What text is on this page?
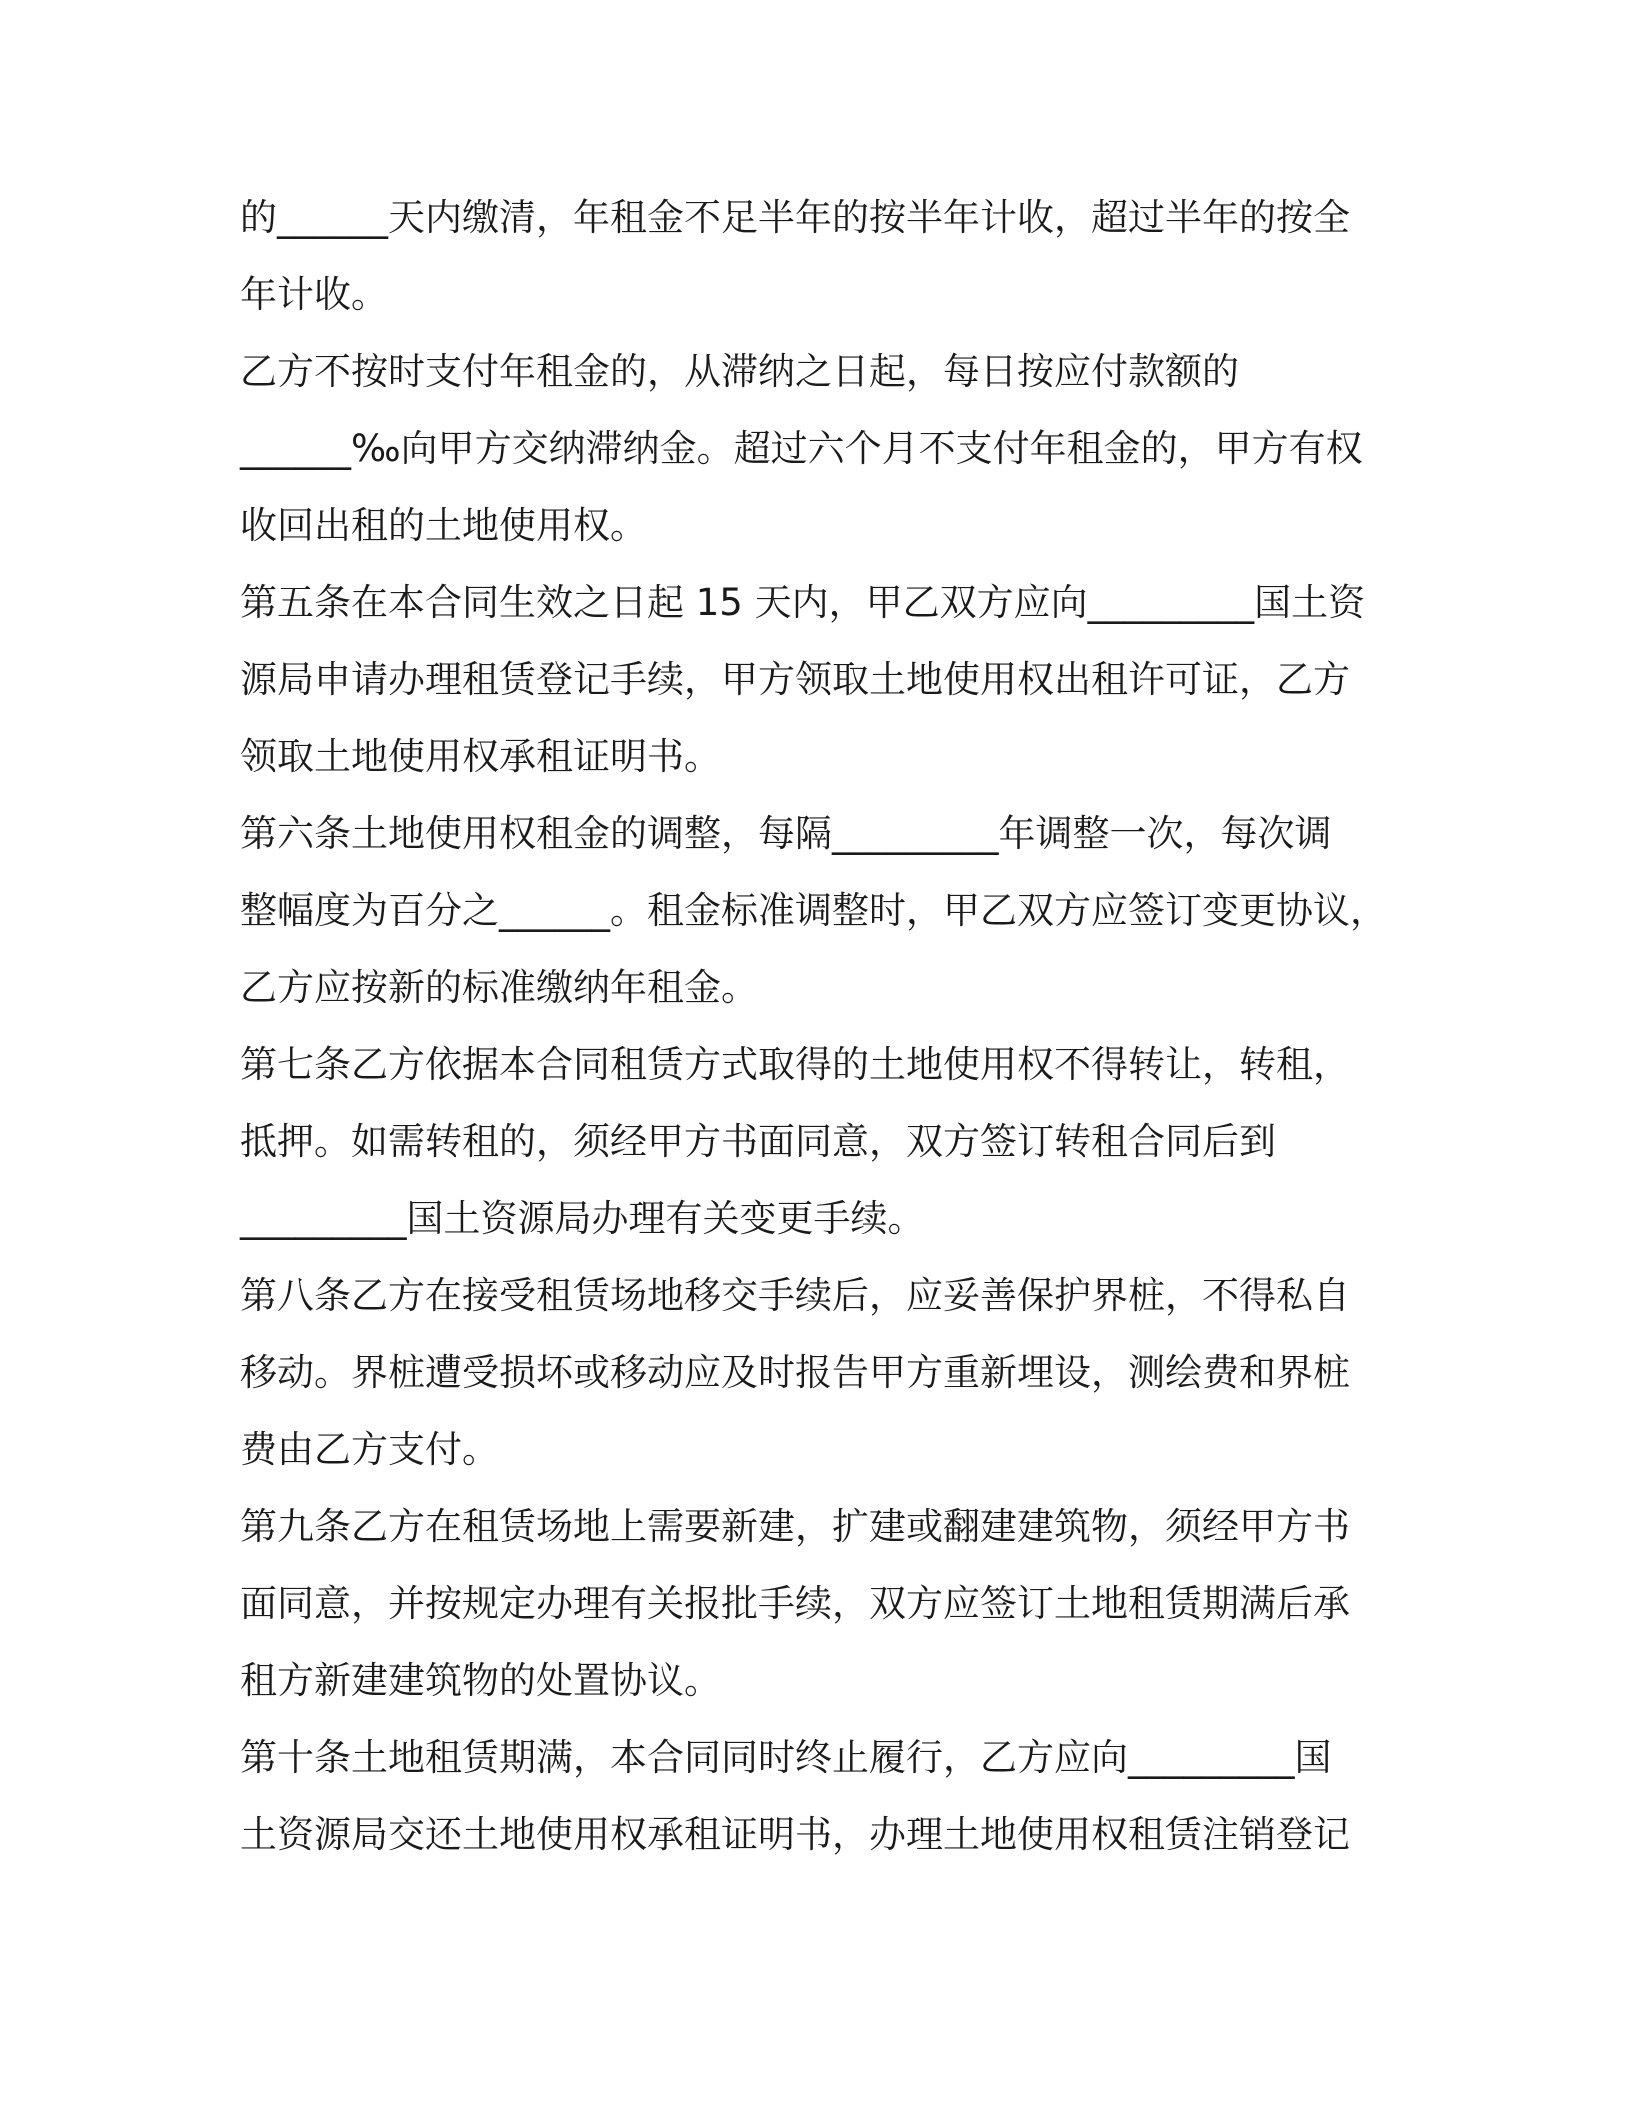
的______天内缴清，年租金不足半年的按半年计收，超过半年的按全
年计收。
乙方不按时支付年租金的，从滞纳之日起，每日按应付款额的
______‰向甲方交纳滞纳金。超过六个月不支付年租金的，甲方有权
收回出租的土地使用权。
第五条在本合同生效之日起 15 天内，甲乙双方应向_________国土资
源局申请办理租赁登记手续，甲方领取土地使用权出租许可证，乙方
领取土地使用权承租证明书。
第六条土地使用权租金的调整，每隔_________年调整一次，每次调
整幅度为百分之______。租金标准调整时，甲乙双方应签订变更协议，
乙方应按新的标准缴纳年租金。
第七条乙方依据本合同租赁方式取得的土地使用权不得转让，转租，
抵押。如需转租的，须经甲方书面同意，双方签订转租合同后到
_________国土资源局办理有关变更手续。
第八条乙方在接受租赁场地移交手续后，应妥善保护界桩，不得私自
移动。界桩遭受损坏或移动应及时报告甲方重新埋设，测绘费和界桩
费由乙方支付。
第九条乙方在租赁场地上需要新建，扩建或翻建建筑物，须经甲方书
面同意，并按规定办理有关报批手续，双方应签订土地租赁期满后承
租方新建建筑物的处置协议。
第十条土地租赁期满，本合同同时终止履行，乙方应向_________国
土资源局交还土地使用权承租证明书，办理土地使用权租赁注销登记
